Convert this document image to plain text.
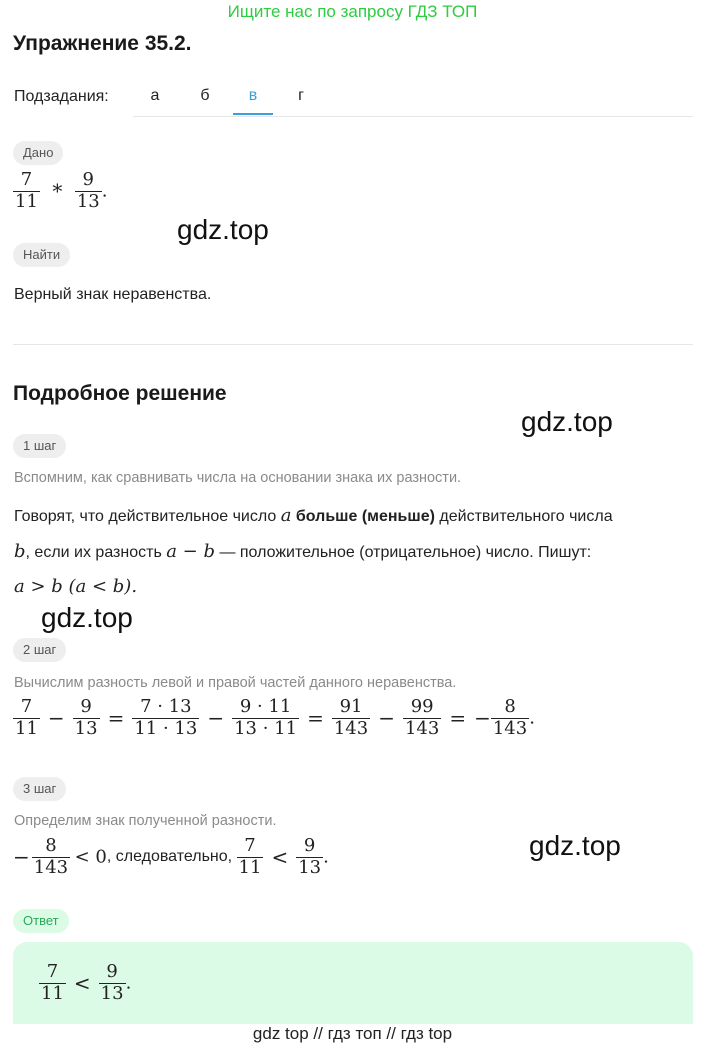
Ищите нас по запросу ГДЗ ТОП
Упражнение 35.2.
Подзадания:	а	б	в	г
Дано
$\frac{7}{11} * \frac{9}{13}$ .
gdz.top
Найти
Верный знак неравенства.
Подробное решение
gdz.top
1 шаг
Вспомним, как сравнивать числа на основании знака их разности.
Говорят, что действительное число a больше (меньше) действительного числа
b, если их разность a − b — положительное (отрицательное) число. Пишут:
a > b (a < b).
gdz.top
2 шаг
Вычислим разность левой и правой частей данного неравенства.
$\frac{7}{11} - \frac{9}{13} = \frac{7 \cdot 13}{11 \cdot 13} - \frac{9 \cdot 11}{13 \cdot 11} = \frac{91}{143} - \frac{99}{143}$ = − $\frac{8}{143}$ .
3 шаг
Определим знак полученной разности.
− $\frac{8}{143} < 0$, следовательно, $\frac{7}{11} < \frac{9}{13}$ .	gdz.top
Ответ
$\frac{7}{11} < \frac{9}{13}$ .
gdz top // гдз топ // гдз top
